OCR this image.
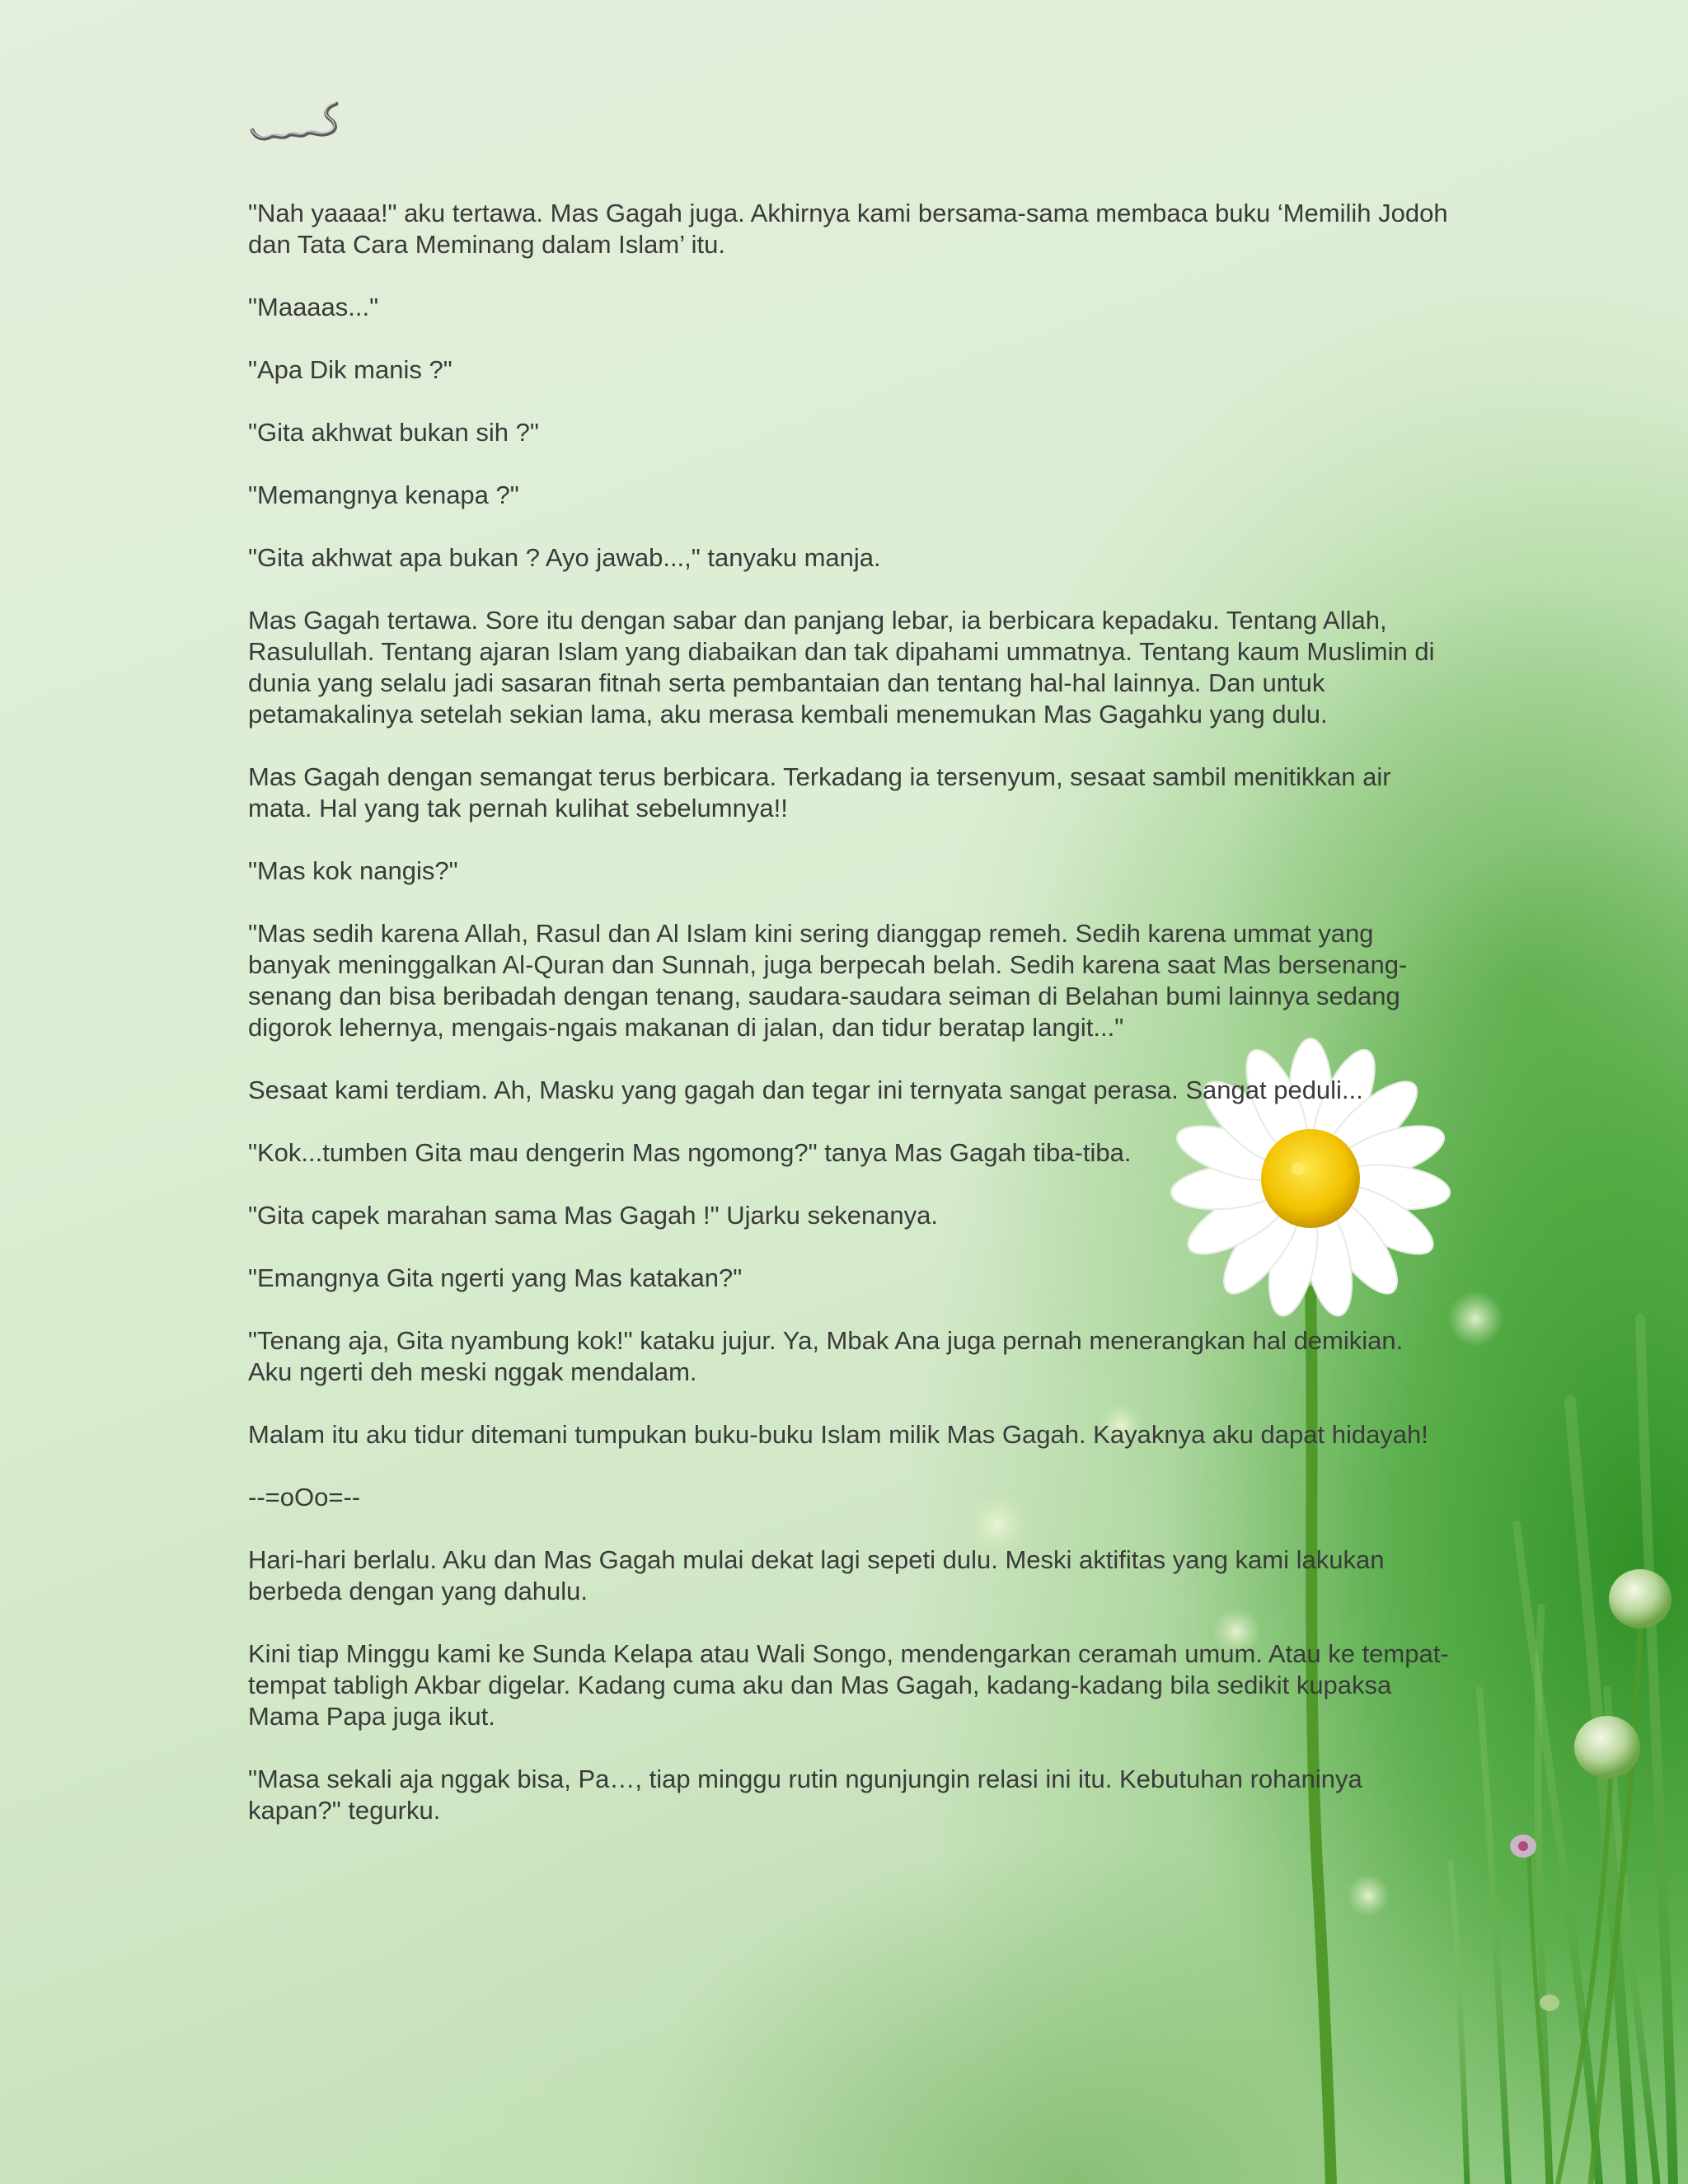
"Nah yaaaa!" aku tertawa. Mas Gagah juga. Akhirnya kami bersama-sama membaca buku ‘Memilih Jodoh dan Tata Cara Meminang dalam Islam’ itu.

"Maaaas..."

"Apa Dik manis ?"

"Gita akhwat bukan sih ?"

"Memangnya kenapa ?"

"Gita akhwat apa bukan ? Ayo jawab...," tanyaku manja.

Mas Gagah tertawa. Sore itu dengan sabar dan panjang lebar, ia berbicara kepadaku. Tentang Allah, Rasulullah. Tentang ajaran Islam yang diabaikan dan tak dipahami ummatnya. Tentang kaum Muslimin di dunia yang selalu jadi sasaran fitnah serta pembantaian dan tentang hal-hal lainnya. Dan untuk petamakalinya setelah sekian lama, aku merasa kembali menemukan Mas Gagahku yang dulu.

Mas Gagah dengan semangat terus berbicara. Terkadang ia tersenyum, sesaat sambil menitikkan air mata. Hal yang tak pernah kulihat sebelumnya!!

"Mas kok nangis?"

"Mas sedih karena Allah, Rasul dan Al Islam kini sering dianggap remeh. Sedih karena ummat yang banyak meninggalkan Al-Quran dan Sunnah, juga berpecah belah. Sedih karena saat Mas bersenang-senang dan bisa beribadah dengan tenang, saudara-saudara seiman di Belahan bumi lainnya sedang digorok lehernya, mengais-ngais makanan di jalan, dan tidur beratap langit..."

Sesaat kami terdiam. Ah, Masku yang gagah dan tegar ini ternyata sangat perasa. Sangat peduli...

"Kok...tumben Gita mau dengerin Mas ngomong?" tanya Mas Gagah tiba-tiba.

"Gita capek marahan sama Mas Gagah !" Ujarku sekenanya.

"Emangnya Gita ngerti yang Mas katakan?"

"Tenang aja, Gita nyambung kok!" kataku jujur. Ya, Mbak Ana juga pernah menerangkan hal demikian. Aku ngerti deh meski nggak mendalam.

Malam itu aku tidur ditemani tumpukan buku-buku Islam milik Mas Gagah. Kayaknya aku dapat hidayah!

--=oOo=--

Hari-hari berlalu. Aku dan Mas Gagah mulai dekat lagi sepeti dulu. Meski aktifitas yang kami lakukan berbeda dengan yang dahulu.

Kini tiap Minggu kami ke Sunda Kelapa atau Wali Songo, mendengarkan ceramah umum. Atau ke tempat-tempat tabligh Akbar digelar. Kadang cuma aku dan Mas Gagah, kadang-kadang bila sedikit kupaksa Mama Papa juga ikut.

"Masa sekali aja nggak bisa, Pa…, tiap minggu rutin ngunjungin relasi ini itu. Kebutuhan rohaninya kapan?" tegurku.
